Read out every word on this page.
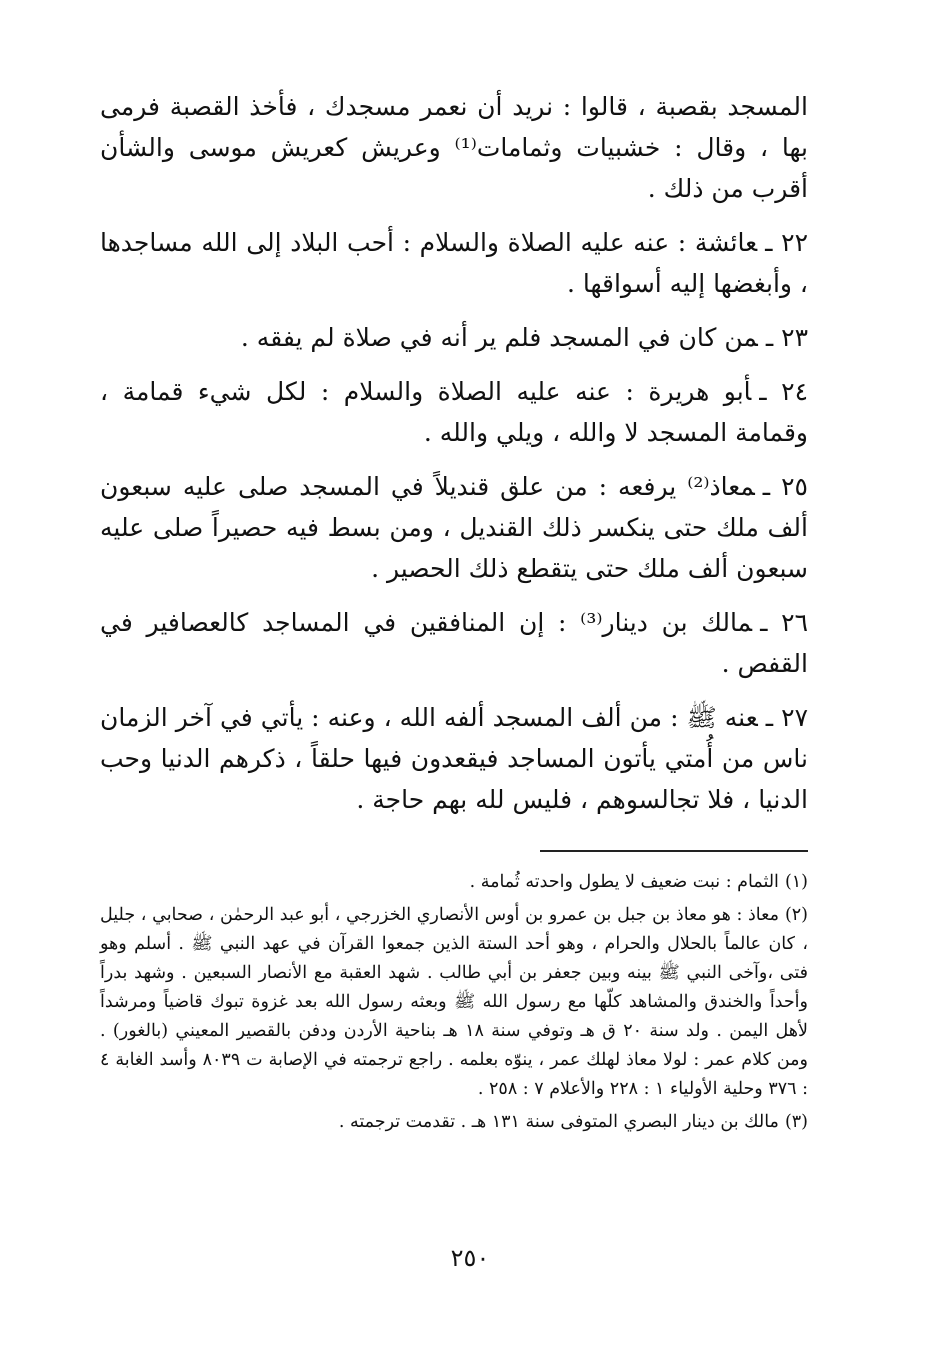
المسجد بقصبة ، قالوا : نريد أن نعمر مسجدك ، فأخذ القصبة فرمى بها ، وقال : خشبيات وثمامات⁽¹⁾ وعريش كعريش موسى والشأن أقرب من ذلك .

٢٢ ـعائشة : عنه عليه الصلاة والسلام : أحب البلاد إلى الله مساجدها ، وأبغضها إليه أسواقها .

٢٣ ـمن كان في المسجد فلم ير أنه في صلاة لم يفقه .

٢٤ ـأبو هريرة : عنه عليه الصلاة والسلام : لكل شيء قمامة ، وقمامة المسجد لا والله ، ويلي والله .

٢٥ ـمعاذ⁽²⁾ يرفعه : من علق قنديلاً في المسجد صلى عليه سبعون ألف ملك حتى ينكسر ذلك القنديل ، ومن بسط فيه حصيراً صلى عليه سبعون ألف ملك حتى يتقطع ذلك الحصير .

٢٦ ـمالك بن دينار⁽³⁾ : إن المنافقين في المساجد كالعصافير في القفص .

٢٧ ـعنه ﷺ : من ألف المسجد ألفه الله ، وعنه : يأتي في آخر الزمان ناس من أُمتي يأتون المساجد فيقعدون فيها حلقاً ، ذكرهم الدنيا وحب الدنيا ، فلا تجالسوهم ، فليس لله بهم حاجة .

(١)الثمام : نبت ضعيف لا يطول واحدته ثُمامة .

(٢)معاذ : هو معاذ بن جبل بن عمرو بن أوس الأنصاري الخزرجي ، أبو عبد الرحمٰن ، صحابي ، جليل ، كان عالماً بالحلال والحرام ، وهو أحد الستة الذين جمعوا القرآن في عهد النبي ﷺ . أسلم وهو فتى ،وآخى النبي ﷺ بينه وبين جعفر بن أبي طالب . شهد العقبة مع الأنصار السبعين . وشهد بدراً وأحداً والخندق والمشاهد كلّها مع رسول الله ﷺ وبعثه رسول الله بعد غزوة تبوك قاضياً ومرشداً لأهل اليمن . ولد سنة ٢٠ ق هـ وتوفي سنة ١٨ هـ بناحية الأردن ودفن بالقصير المعيني (بالغور) . ومن كلام عمر : لولا معاذ لهلك عمر ، ينوّه بعلمه . راجع ترجمته في الإصابة ت ٨٠٣٩ وأسد الغابة ٤ : ٣٧٦ وحلية الأولياء ١ : ٢٢٨ والأعلام ٧ : ٢٥٨ .

(٣)مالك بن دينار البصري المتوفى سنة ١٣١ هـ . تقدمت ترجمته .

٢٥٠
